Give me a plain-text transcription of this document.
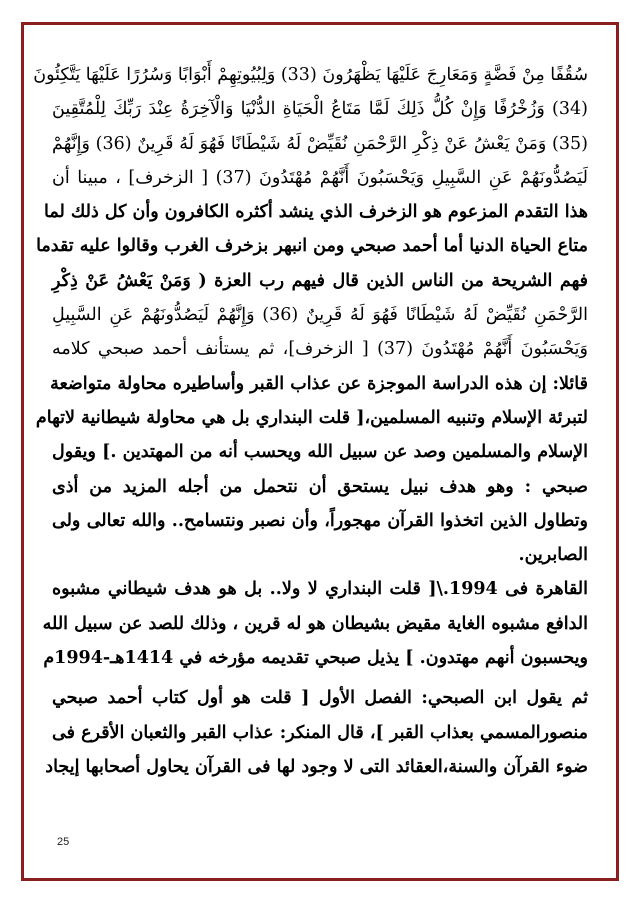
سُقُفًا مِنْ فَضَّةٍ وَمَعَارِجَ عَلَيْهَا يَظْهَرُونَ (33) وَلِبُيُوتِهِمْ أَبْوَابًا وَسُرُرًا عَلَيْهَا يَتَّكِئُونَ
(34) وَزُخْرُفًا وَإِنْ كُلُّ ذَلِكَ لَمَّا مَتَاعُ الْحَيَاةِ الدُّنْيَا وَالْآخِرَةُ عِنْدَ رَبِّكَ لِلْمُتَّقِينَ
(35) وَمَنْ يَعْشُ عَنْ ذِكْرِ الرَّحْمَنِ نُقَيِّضْ لَهُ شَيْطَانًا فَهُوَ لَهُ قَرِينٌ (36) وَإِنَّهُمْ
لَيَصُدُّونَهُمْ عَنِ السَّبِيلِ وَيَحْسَبُونَ أَنَّهُمْ مُهْتَدُونَ (37) [ الزخرف] ، مبينا أن
هذا التقدم المزعوم هو الزخرف الذي ينشد أكثره الكافرون وأن كل ذلك لما
متاع الحياة الدنيا أما أحمد صبحي ومن انبهر بزخرف الغرب وقالوا عليه تقدما
فهم الشريحة من الناس الذين قال فيهم رب العزة ( وَمَنْ يَعْشُ عَنْ ذِكْرِ
الرَّحْمَنِ نُقَيِّضْ لَهُ شَيْطَانًا فَهُوَ لَهُ قَرِينٌ (36) وَإِنَّهُمْ لَيَصُدُّونَهُمْ عَنِ السَّبِيلِ
وَيَحْسَبُونَ أَنَّهُمْ مُهْتَدُونَ (37) [ الزخرف]، ثم يستأنف أحمد صبحي كلامه
قائلا: إن هذه الدراسة الموجزة عن عذاب القبر وأساطيره محاولة متواضعة
لتبرئة الإسلام وتنبيه المسلمين،[ قلت البنداري بل هي محاولة شيطانية لاتهام
الإسلام والمسلمين وصد عن سبيل الله ويحسب أنه من المهتدين .] ويقول
صبحي : وهو هدف نبيل يستحق أن نتحمل من أجله المزيد من أذى
وتطاول الذين اتخذوا القرآن مهجوراً، وأن نصبر ونتسامح.. والله تعالى ولى
الصابرين.
القاهرة فى 1994.\[ قلت البنداري لا ولا.. بل هو هدف شيطاني مشبوه
الدافع مشبوه الغاية مقيض بشيطان هو له قرين ، وذلك للصد عن سبيل الله
ويحسبون أنهم مهتدون. ] يذيل صبحي تقديمه مؤرخه في 1414هـ-1994م
ثم يقول ابن الصبحي: الفصل الأول [ قلت هو أول كتاب أحمد صبحي
منصورالمسمي بعذاب القبر ]، قال المنكر: عذاب القبر والثعبان الأقرع فى
ضوء القرآن والسنة،العقائد التى لا وجود لها فى القرآن يحاول أصحابها إيجاد
25
